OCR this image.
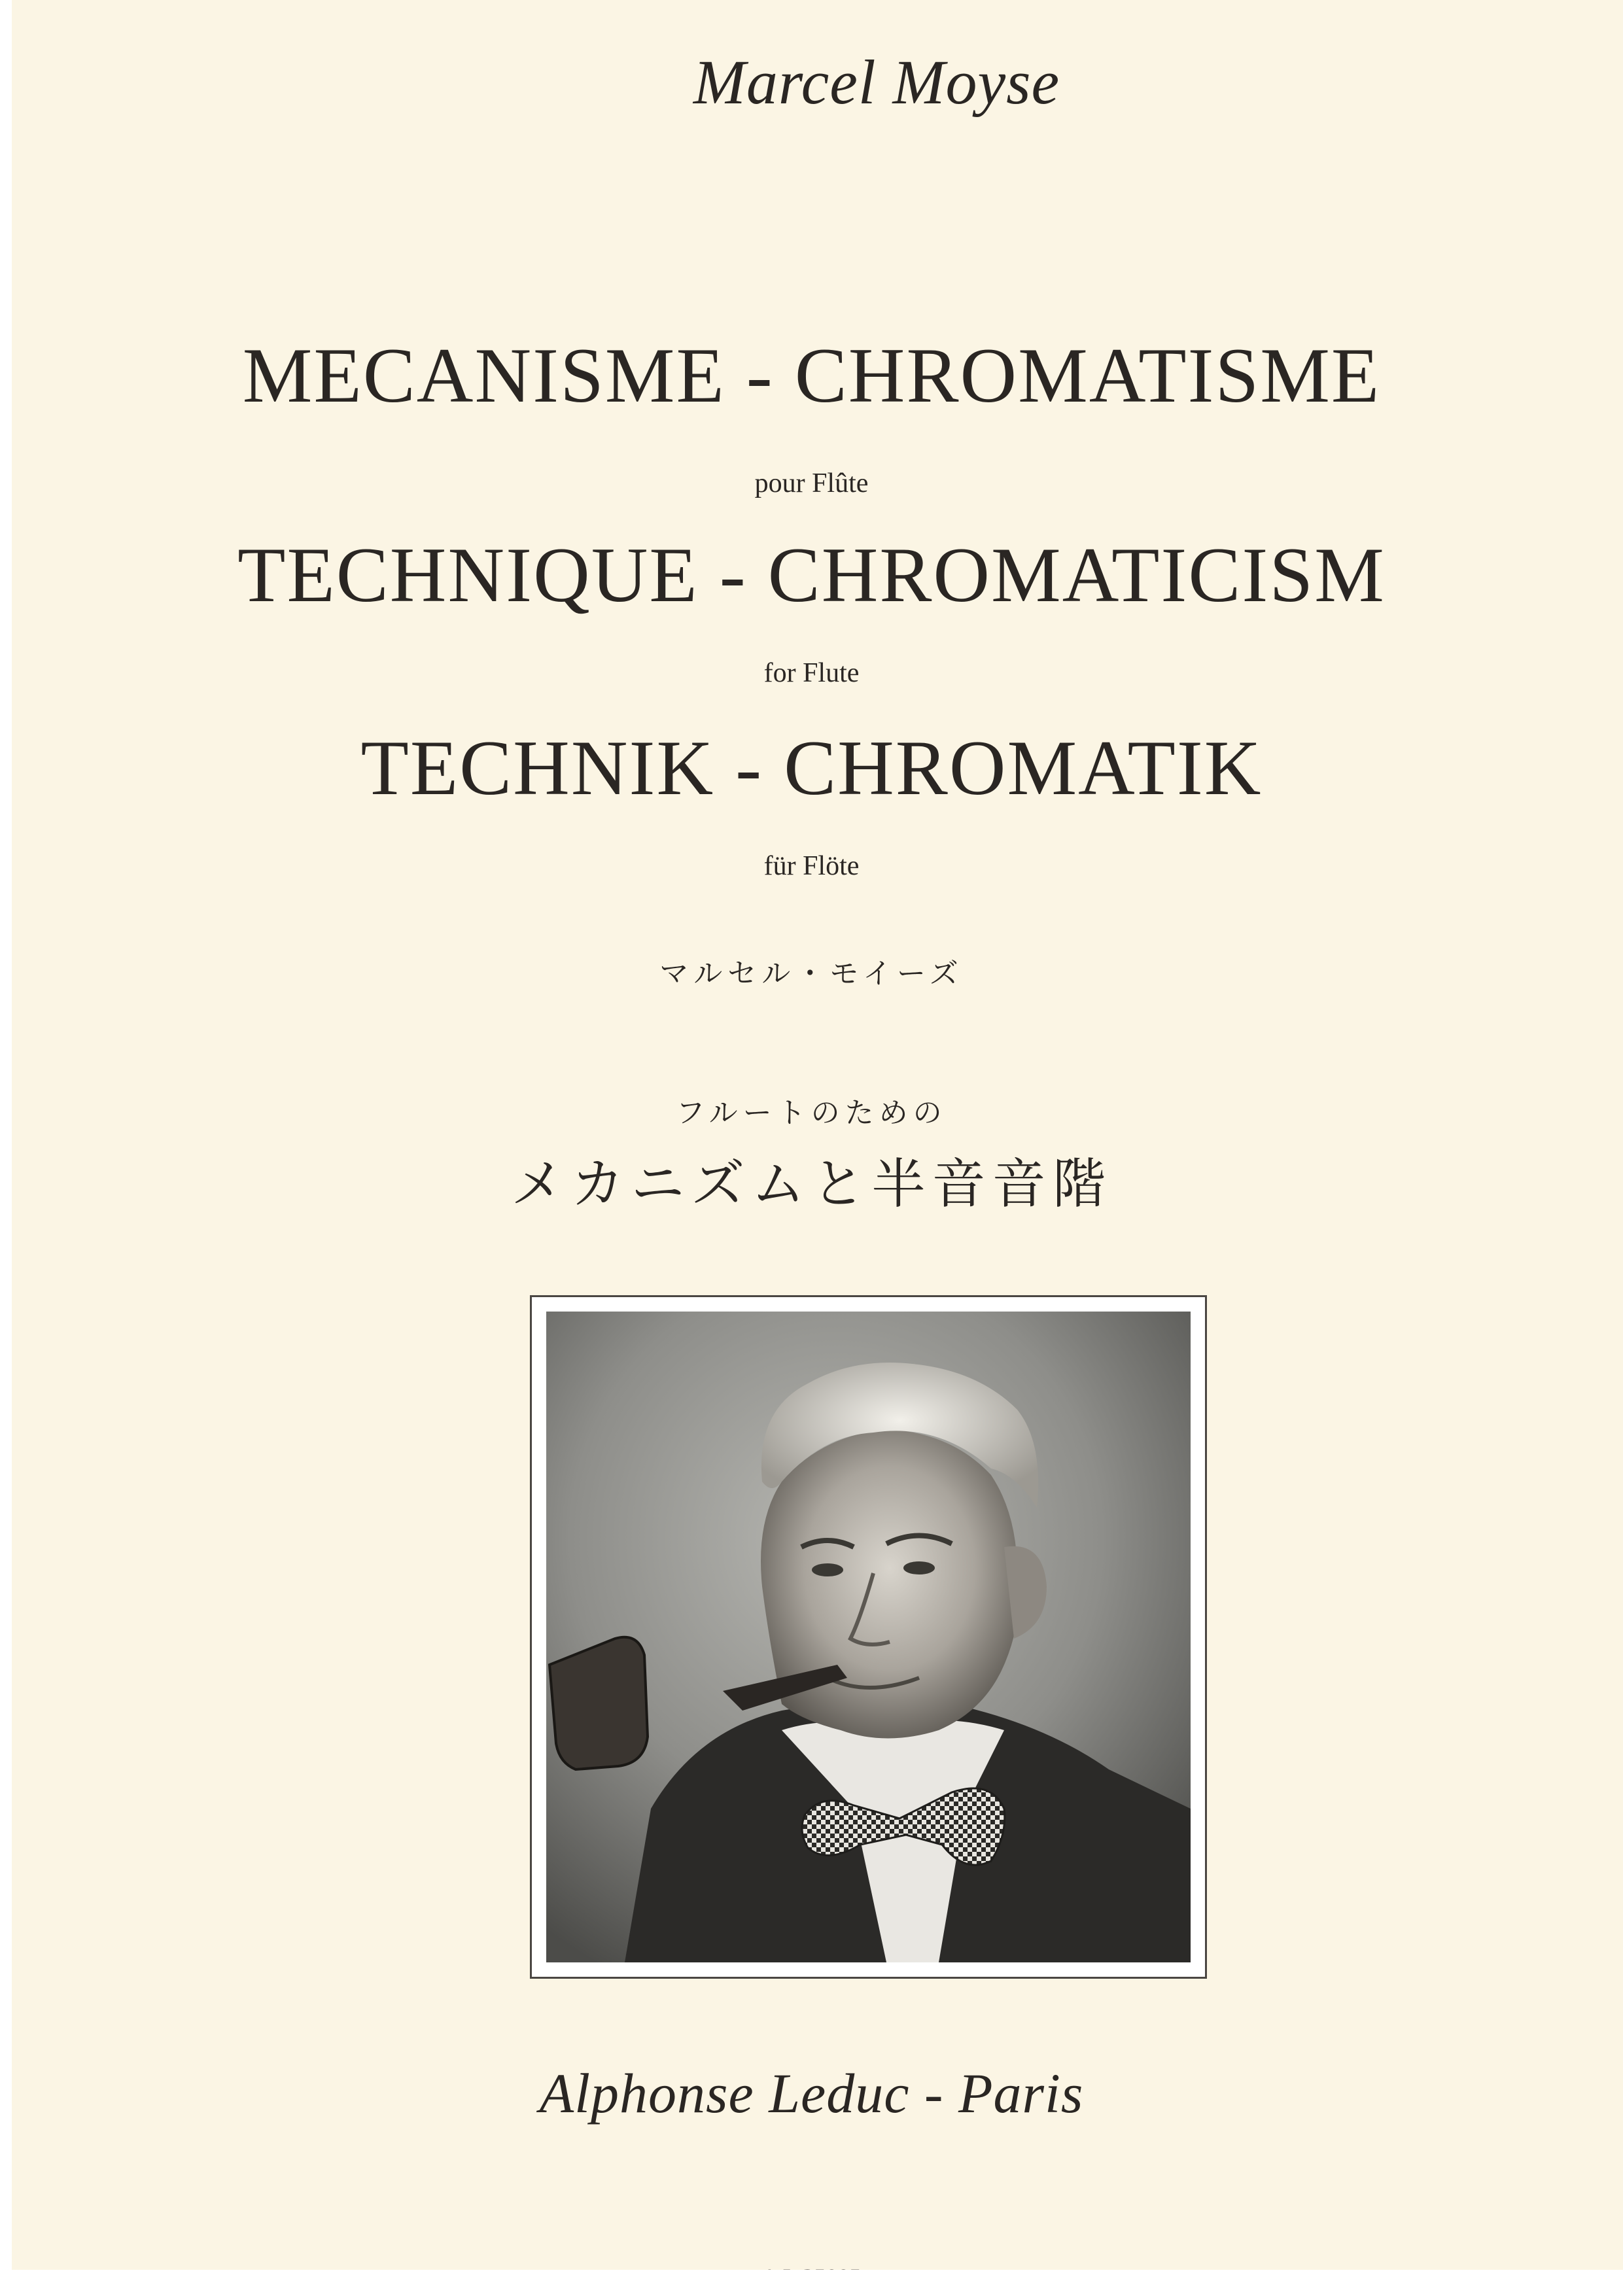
Marcel Moyse
MECANISME - CHROMATISME
pour Flûte
TECHNIQUE - CHROMATICISM
for Flute
TECHNIK - CHROMATIK
für Flöte
マルセル・モイーズ
フルートのための
メカニズムと半音音階
Alphonse Leduc - Paris
